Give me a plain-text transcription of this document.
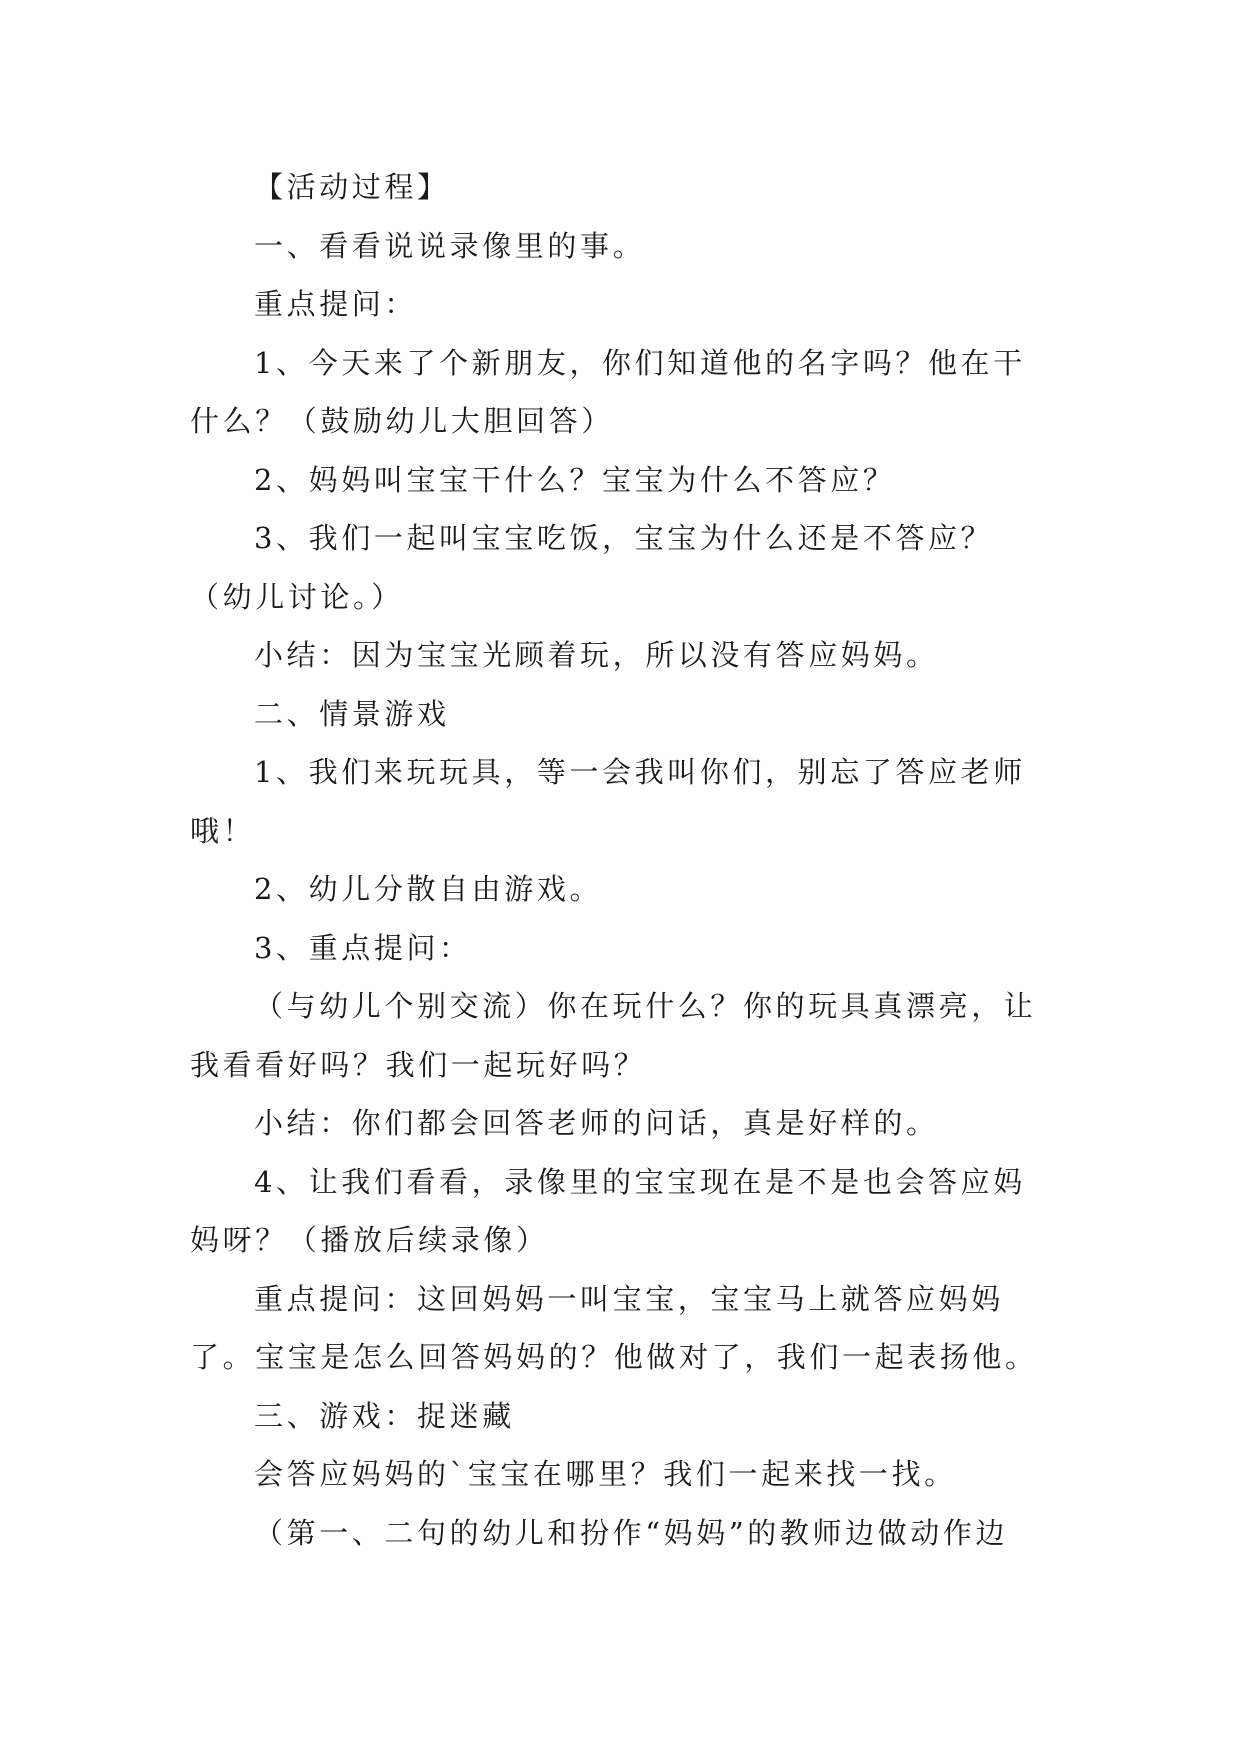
【活动过程】

一、看看说说录像里的事。

重点提问：

1、今天来了个新朋友，你们知道他的名字吗？他在干什么？（鼓励幼儿大胆回答）

2、妈妈叫宝宝干什么？宝宝为什么不答应？

3、我们一起叫宝宝吃饭，宝宝为什么还是不答应？（幼儿讨论。）

小结：因为宝宝光顾着玩，所以没有答应妈妈。

二、情景游戏

1、我们来玩玩具，等一会我叫你们，别忘了答应老师哦！

2、幼儿分散自由游戏。

3、重点提问：

（与幼儿个别交流）你在玩什么？你的玩具真漂亮，让我看看好吗？我们一起玩好吗？

小结：你们都会回答老师的问话，真是好样的。

4、让我们看看，录像里的宝宝现在是不是也会答应妈妈呀？（播放后续录像）

重点提问：这回妈妈一叫宝宝，宝宝马上就答应妈妈了。宝宝是怎么回答妈妈的？他做对了，我们一起表扬他。

三、游戏：捉迷藏

会答应妈妈的`宝宝在哪里？我们一起来找一找。

（第一、二句的幼儿和扮作“妈妈”的教师边做动作边
